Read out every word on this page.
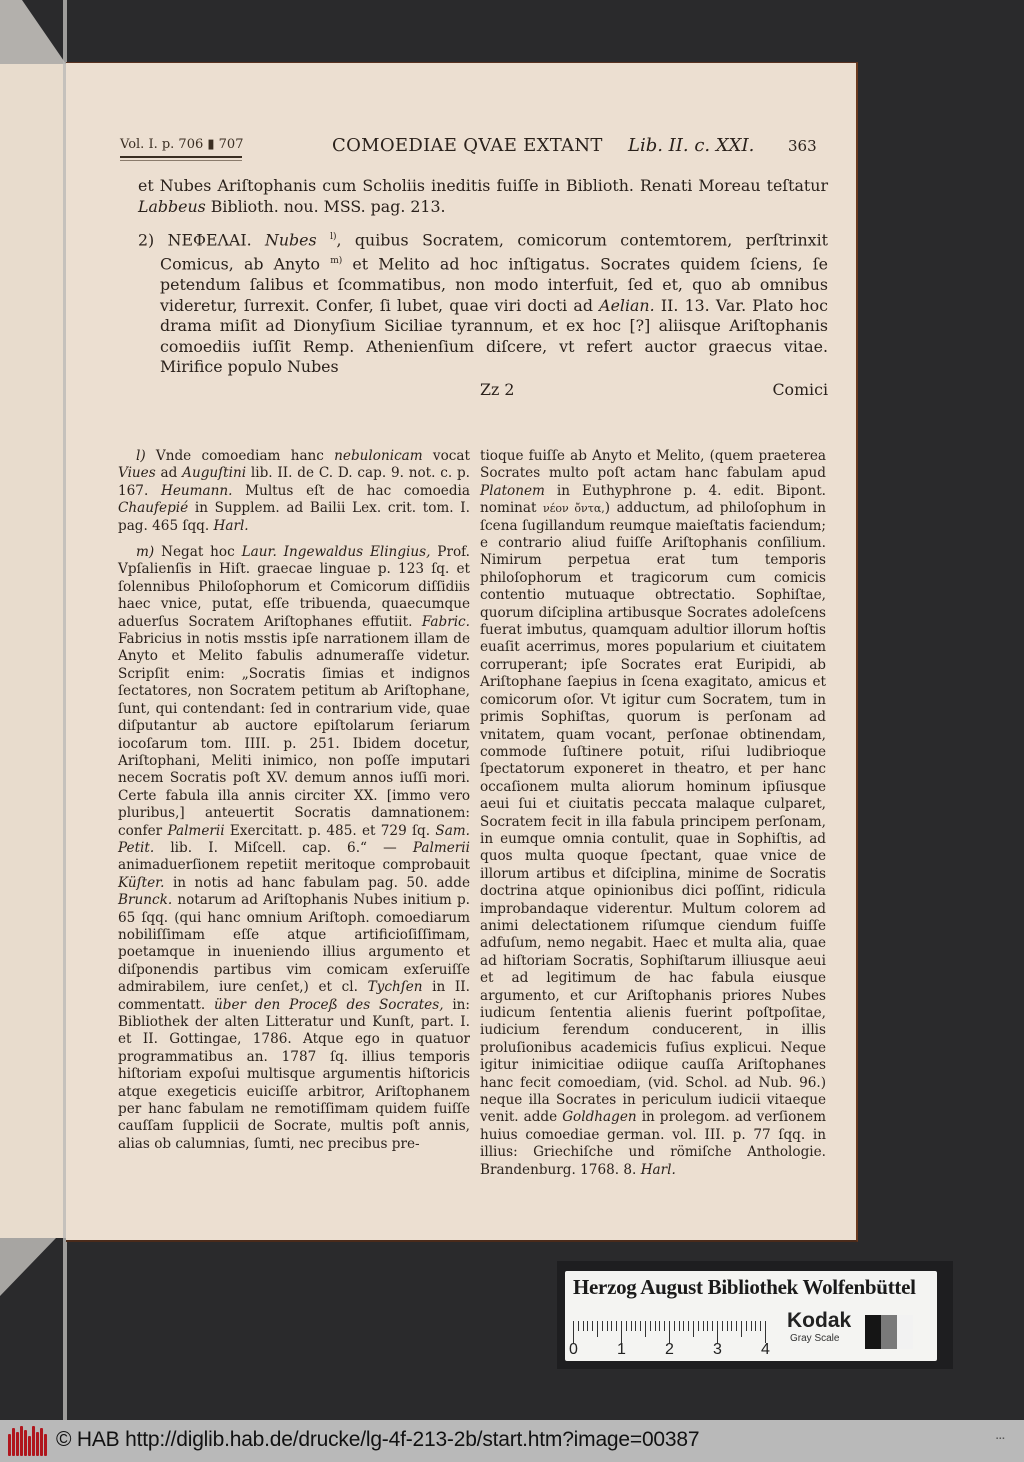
Vol. I. p. 706 ▮ 707	COMOEDIAE QVAE EXTANT Lib. II. c. XXI. 363

et Nubes Ariſtophanis cum Scholiis ineditis fuiſſe in Biblioth. Renati Moreau teſtatur Labbeus Biblioth. nou. MSS. pag. 213.

2) ΝΕΦΕΛΑΙ. Nubes $^{l)}$, quibus Socratem, comicorum contemtorem, perſtrinxit Comicus, ab Anyto $^{m)}$ et Melito ad hoc inſtigatus. Socrates quidem ſciens, ſe petendum ſalibus et ſcommatibus, non modo interfuit, ſed et, quo ab omnibus videretur, ſurrexit. Confer, ſi lubet, quae viri docti ad Aelian. II. 13. Var. Plato hoc drama miſit ad Dionyſium Siciliae tyrannum, et ex hoc [?] aliisque Ariſtophanis comoediis iuſſit Remp. Athenienſium diſcere, vt refert auctor graecus vitae. Mirifice populo Nubes

Zz 2	Comici

l) Vnde comoediam hanc nebulonicam vocat Viues ad Auguſtini lib. II. de C. D. cap. 9. not. c. p. 167. Heumann. Multus eſt de hac comoedia Chaufepié in Supplem. ad Bailii Lex. crit. tom. I. pag. 465 ſqq. Harl.

m) Negat hoc Laur. Ingewaldus Elingius, Prof. Vpſalienſis in Hiſt. graecae linguae p. 123 ſq. et ſolennibus Philoſophorum et Comicorum diſſidiis haec vnice, putat, eſſe tribuenda, quaecumque aduerſus Socratem Ariſtophanes effutiit. Fabric. Fabricius in notis msstis ipſe narrationem illam de Anyto et Melito fabulis adnumeraſſe videtur. Scripſit enim: „Socratis ſimias et indignos ſectatores, non Socratem petitum ab Ariſtophane, ſunt, qui contendant: ſed in contrarium vide, quae diſputantur ab auctore epiſtolarum ſeriarum iocoſarum tom. IIII. p. 251. Ibidem docetur, Ariſtophani, Meliti inimico, non poſſe imputari necem Socratis poſt XV. demum annos iuſſi mori. Certe fabula illa annis circiter XX. [immo vero pluribus,] anteuertit Socratis damnationem: confer Palmerii Exercitatt. p. 485. et 729 ſq. Sam. Petit. lib. I. Miſcell. cap. 6.“ — Palmerii animaduerſionem repetiit meritoque comprobauit Küſter. in notis ad hanc fabulam pag. 50. adde Brunck. notarum ad Ariſtophanis Nubes initium p. 65 ſqq. (qui hanc omnium Ariſtoph. comoediarum nobiliſſimam eſſe atque artificioſiſſimam, poetamque in inueniendo illius argumento et diſponendis partibus vim comicam exſeruiſſe admirabilem, iure cenſet,) et cl. Tychſen in II. commentatt. über den Proceß des Socrates, in: Bibliothek der alten Litteratur und Kunſt, part. I. et II. Gottingae, 1786. Atque ego in quatuor programmatibus an. 1787 ſq. illius temporis hiſtoriam expoſui multisque argumentis hiſtoricis atque exegeticis euiciſſe arbitror, Ariſtophanem per hanc fabulam ne remotiſſimam quidem fuiſſe cauſſam ſupplicii de Socrate, multis poſt annis, alias ob calumnias, ſumti, nec precibus pre-

tioque fuiſſe ab Anyto et Melito, (quem praeterea Socrates multo poſt actam hanc fabulam apud Platonem in Euthyphrone p. 4. edit. Bipont. nominat νέον ὄντα,) adductum, ad philoſophum in ſcena ſugillandum reumque maieſtatis faciendum; e contrario aliud fuiſſe Ariſtophanis conſilium. Nimirum perpetua erat tum temporis philoſophorum et tragicorum cum comicis contentio mutuaque obtrectatio. Sophiſtae, quorum diſciplina artibusque Socrates adoleſcens fuerat imbutus, quamquam adultior illorum hoſtis euaſit acerrimus, mores popularium et ciuitatem corruperant; ipſe Socrates erat Euripidi, ab Ariſtophane ſaepius in ſcena exagitato, amicus et comicorum oſor. Vt igitur cum Socratem, tum in primis Sophiſtas, quorum is perſonam ad vnitatem, quam vocant, perſonae obtinendam, commode ſuſtinere potuit, riſui ludibrioque ſpectatorum exponeret in theatro, et per hanc occaſionem multa aliorum hominum ipſiusque aeui ſui et ciuitatis peccata malaque culparet, Socratem fecit in illa fabula principem perſonam, in eumque omnia contulit, quae in Sophiſtis, ad quos multa quoque ſpectant, quae vnice de illorum artibus et diſciplina, minime de Socratis doctrina atque opinionibus dici poſſint, ridicula improbandaque viderentur. Multum colorem ad animi delectationem riſumque ciendum fuiſſe adfuſum, nemo negabit. Haec et multa alia, quae ad hiſtoriam Socratis, Sophiſtarum illiusque aeui et ad legitimum de hac fabula eiusque argumento, et cur Ariſtophanis priores Nubes iudicum ſententia alienis fuerint poſtpoſitae, iudicium ferendum conducerent, in illis proluſionibus academicis fuſius explicui. Neque igitur inimicitiae odiique cauſſa Ariſtophanes hanc fecit comoediam, (vid. Schol. ad Nub. 96.) neque illa Socrates in periculum iudicii vitaeque venit. adde Goldhagen in prolegom. ad verſionem huius comoediae german. vol. III. p. 77 ſqq. in illius: Griechiſche und römiſche Anthologie. Brandenburg. 1768. 8. Harl.

Herzog August Bibliothek Wolfenbüttel
0 1 2 3 4
Kodak
Gray Scale
© HAB http://diglib.hab.de/drucke/lg-4f-213-2b/start.htm?image=00387	▪▪▪
